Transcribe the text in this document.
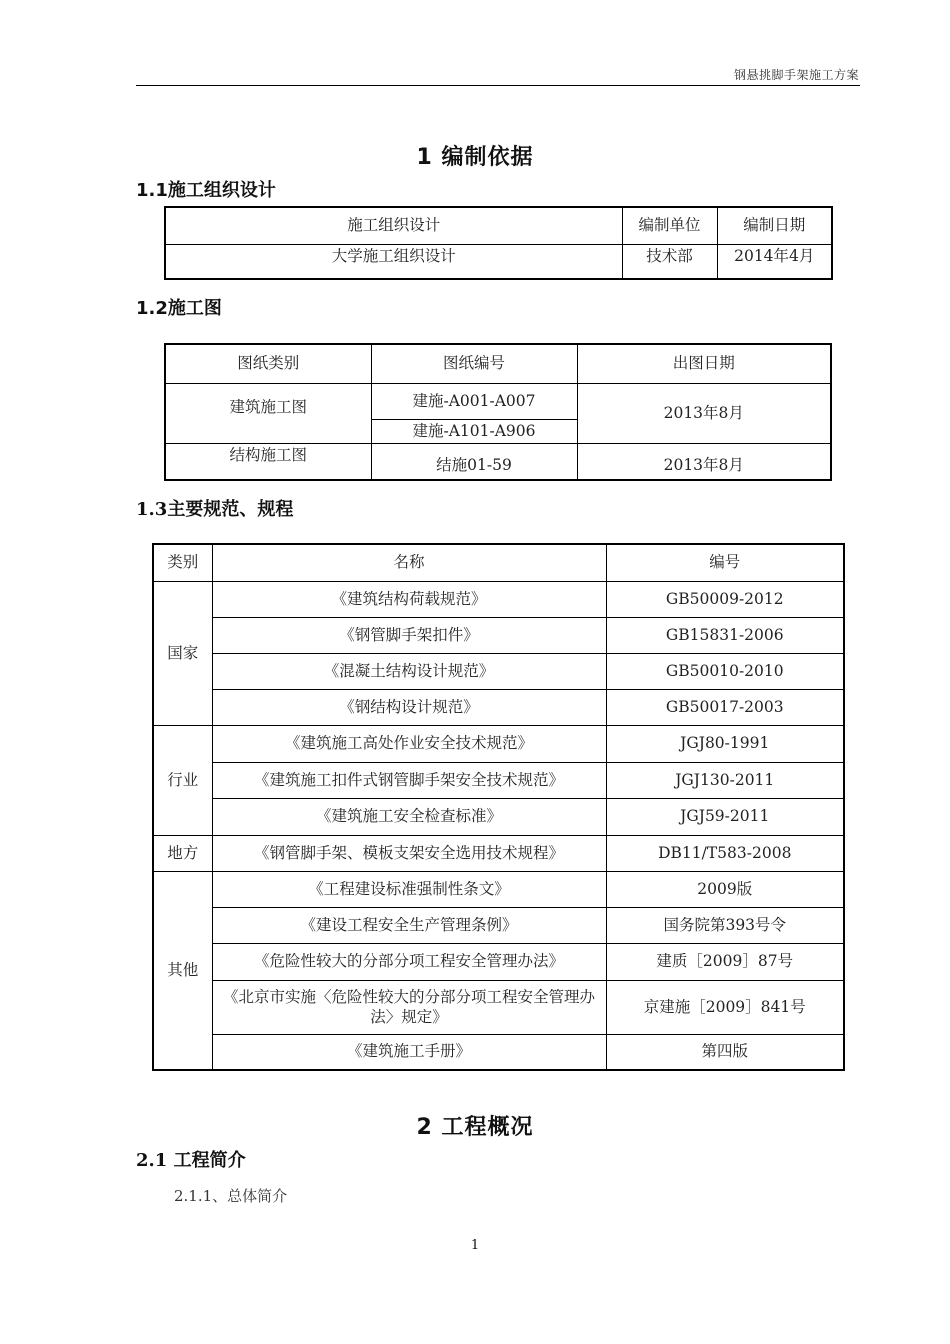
钢悬挑脚手架施工方案
1 编制依据
1.1施工组织设计
施工组织设计	编制单位	编制日期
大学施工组织设计	技术部	2014年4月
1.2施工图
图纸类别	图纸编号	出图日期
建筑施工图	建施-A001-A007	2013年8月
	建施-A101-A906	
结构施工图	结施01-59	2013年8月
1.3主要规范、规程
类别	名称	编号
国家	《建筑结构荷载规范》	GB50009-2012
	《钢管脚手架扣件》	GB15831-2006
	《混凝土结构设计规范》	GB50010-2010
	《钢结构设计规范》	GB50017-2003
行业	《建筑施工高处作业安全技术规范》	JGJ80-1991
	《建筑施工扣件式钢管脚手架安全技术规范》	JGJ130-2011
	《建筑施工安全检查标准》	JGJ59-2011
地方	《钢管脚手架、模板支架安全选用技术规程》	DB11/T583-2008
其他	《工程建设标准强制性条文》	2009版
	《建设工程安全生产管理条例》	国务院第393号令
	《危险性较大的分部分项工程安全管理办法》	建质［2009］87号
	《北京市实施〈危险性较大的分部分项工程安全管理办法〉规定》	京建施［2009］841号
	《建筑施工手册》	第四版
2 工程概况
2.1 工程简介
2.1.1、总体简介
1
